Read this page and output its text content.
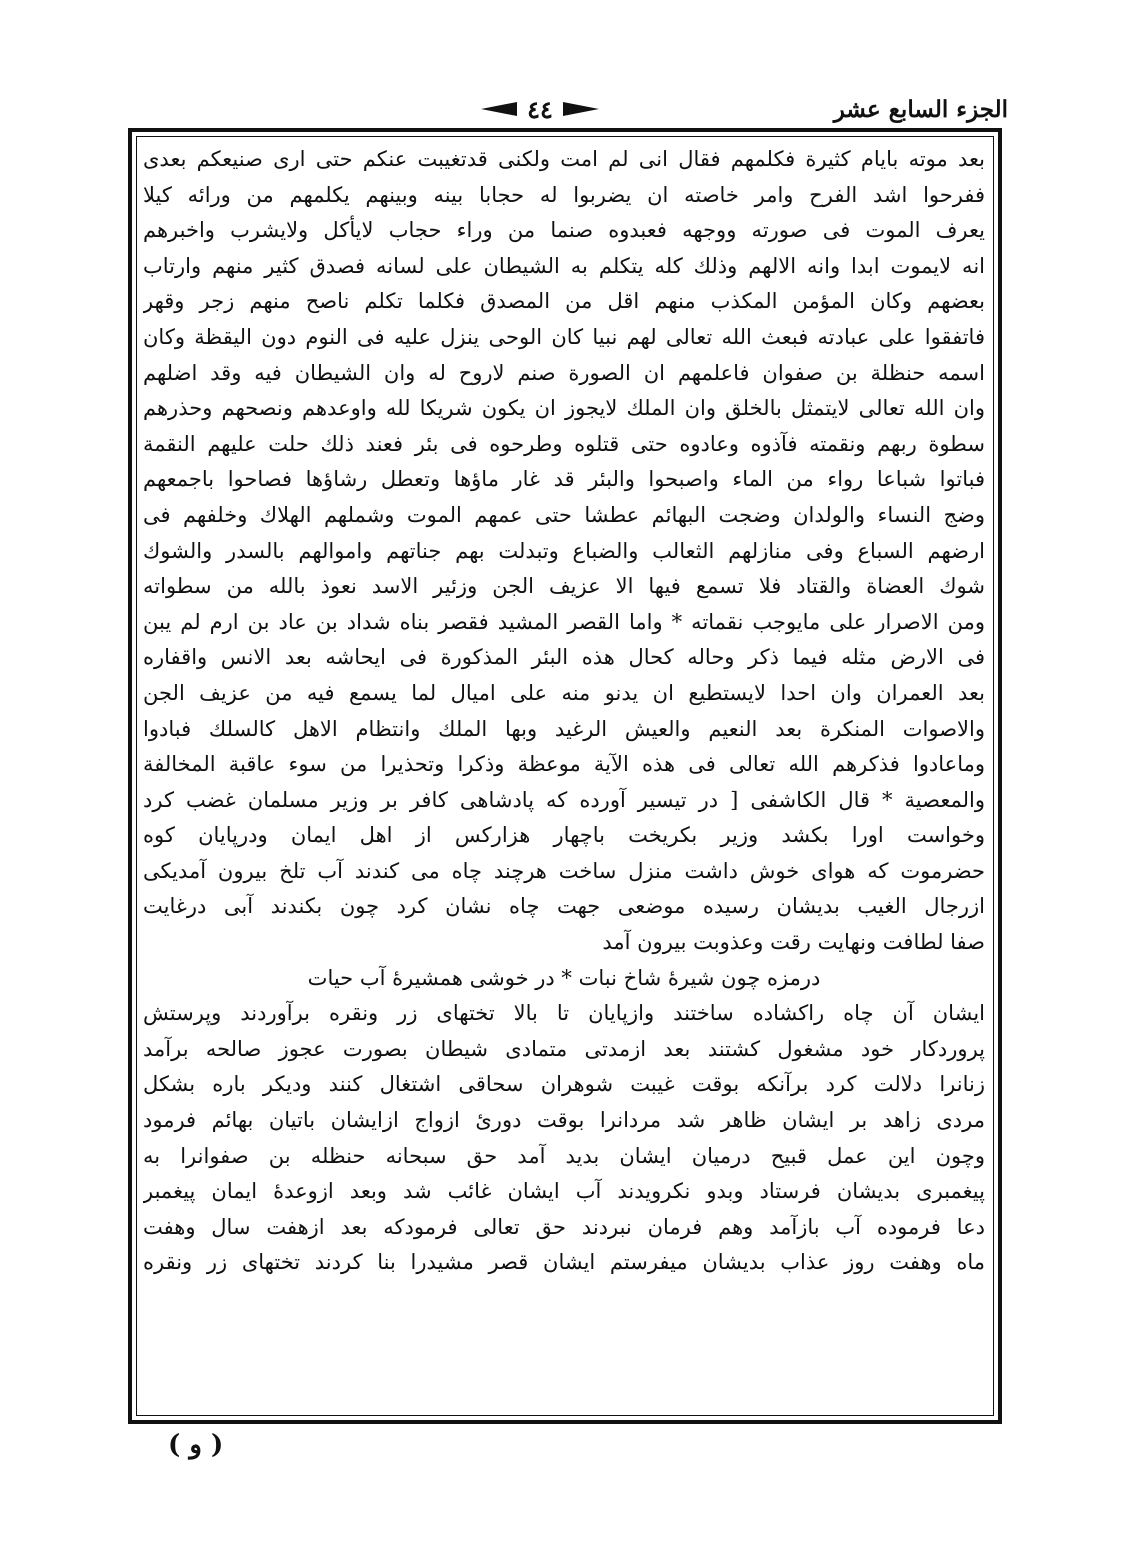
٤٤	الجزء السابع عشر
بعد موته بايام كثيرة فكلمهم فقال انى لم امت ولكنى قدتغيبت عنكم حتى ارى صنيعكم بعدى
ففرحوا اشد الفرح وامر خاصته ان يضربوا له حجابا بينه وبينهم يكلمهم من ورائه كيلا
يعرف الموت فى صورته ووجهه فعبدوه صنما من وراء حجاب لايأكل ولايشرب واخبرهم
انه لايموت ابدا وانه الالهم وذلك كله يتكلم به الشيطان على لسانه فصدق كثير منهم وارتاب
بعضهم وكان المؤمن المكذب منهم اقل من المصدق فكلما تكلم ناصح منهم زجر وقهر
فاتفقوا على عبادته فبعث الله تعالى لهم نبيا كان الوحى ينزل عليه فى النوم دون اليقظة وكان
اسمه حنظلة بن صفوان فاعلمهم ان الصورة صنم لاروح له وان الشيطان فيه وقد اضلهم
وان الله تعالى لايتمثل بالخلق وان الملك لايجوز ان يكون شريكا لله واوعدهم ونصحهم وحذرهم
سطوة ربهم ونقمته فآذوه وعادوه حتى قتلوه وطرحوه فى بئر فعند ذلك حلت عليهم النقمة
فباتوا شباعا رواء من الماء واصبحوا والبئر قد غار ماؤها وتعطل رشاؤها فصاحوا باجمعهم
وضج النساء والولدان وضجت البهائم عطشا حتى عمهم الموت وشملهم الهلاك وخلفهم فى
ارضهم السباع وفى منازلهم الثعالب والضباع وتبدلت بهم جناتهم واموالهم بالسدر والشوك
شوك العضاة والقتاد فلا تسمع فيها الا عزيف الجن وزئير الاسد نعوذ بالله من سطواته
ومن الاصرار على مايوجب نقماته * واما القصر المشيد فقصر بناه شداد بن عاد بن ارم لم يبن
فى الارض مثله فيما ذكر وحاله كحال هذه البئر المذكورة فى ايحاشه بعد الانس واقفاره
بعد العمران وان احدا لايستطيع ان يدنو منه على اميال لما يسمع فيه من عزيف الجن
والاصوات المنكرة بعد النعيم والعيش الرغيد وبها الملك وانتظام الاهل كالسلك فبادوا
وماعادوا فذكرهم الله تعالى فى هذه الآية موعظة وذكرا وتحذيرا من سوء عاقبة المخالفة
والمعصية * قال الكاشفى [ در تيسير آورده كه پادشاهى كافر بر وزير مسلمان غضب كرد
وخواست اورا بكشد وزير بكريخت باچهار هزاركس از اهل ايمان ودرپايان كوه
حضرموت كه هواى خوش داشت منزل ساخت هرچند چاه مى كندند آب تلخ بيرون آمديكى
ازرجال الغيب بديشان رسيده موضعى جهت چاه نشان كرد چون بكندند آبى درغايت
صفا لطافت ونهايت رقت وعذوبت بيرون آمد
درمزه چون شيرۀ شاخ نبات * در خوشى همشيرۀ آب حيات
ايشان آن چاه راكشاده ساختند وازپايان تا بالا تختهاى زر ونقره برآوردند وپرستش
پروردكار خود مشغول كشتند بعد ازمدتى متمادى شيطان بصورت عجوز صالحه برآمد
زنانرا دلالت كرد برآنكه بوقت غيبت شوهران سحاقى اشتغال كنند وديكر باره بشكل
مردى زاهد بر ايشان ظاهر شد مردانرا بوقت دورئ ازواج ازايشان باتيان بهائم فرمود
وچون اين عمل قبيح درميان ايشان بديد آمد حق سبحانه حنظله بن صفوانرا به
پيغمبرى بديشان فرستاد وبدو نكرويدند آب ايشان غائب شد وبعد ازوعدۀ ايمان پيغمبر
دعا فرموده آب بازآمد وهم فرمان نبردند حق تعالى فرمودكه بعد ازهفت سال وهفت
ماه وهفت روز عذاب بديشان ميفرستم ايشان قصر مشيدرا بنا كردند تختهاى زر ونقره
( و )
